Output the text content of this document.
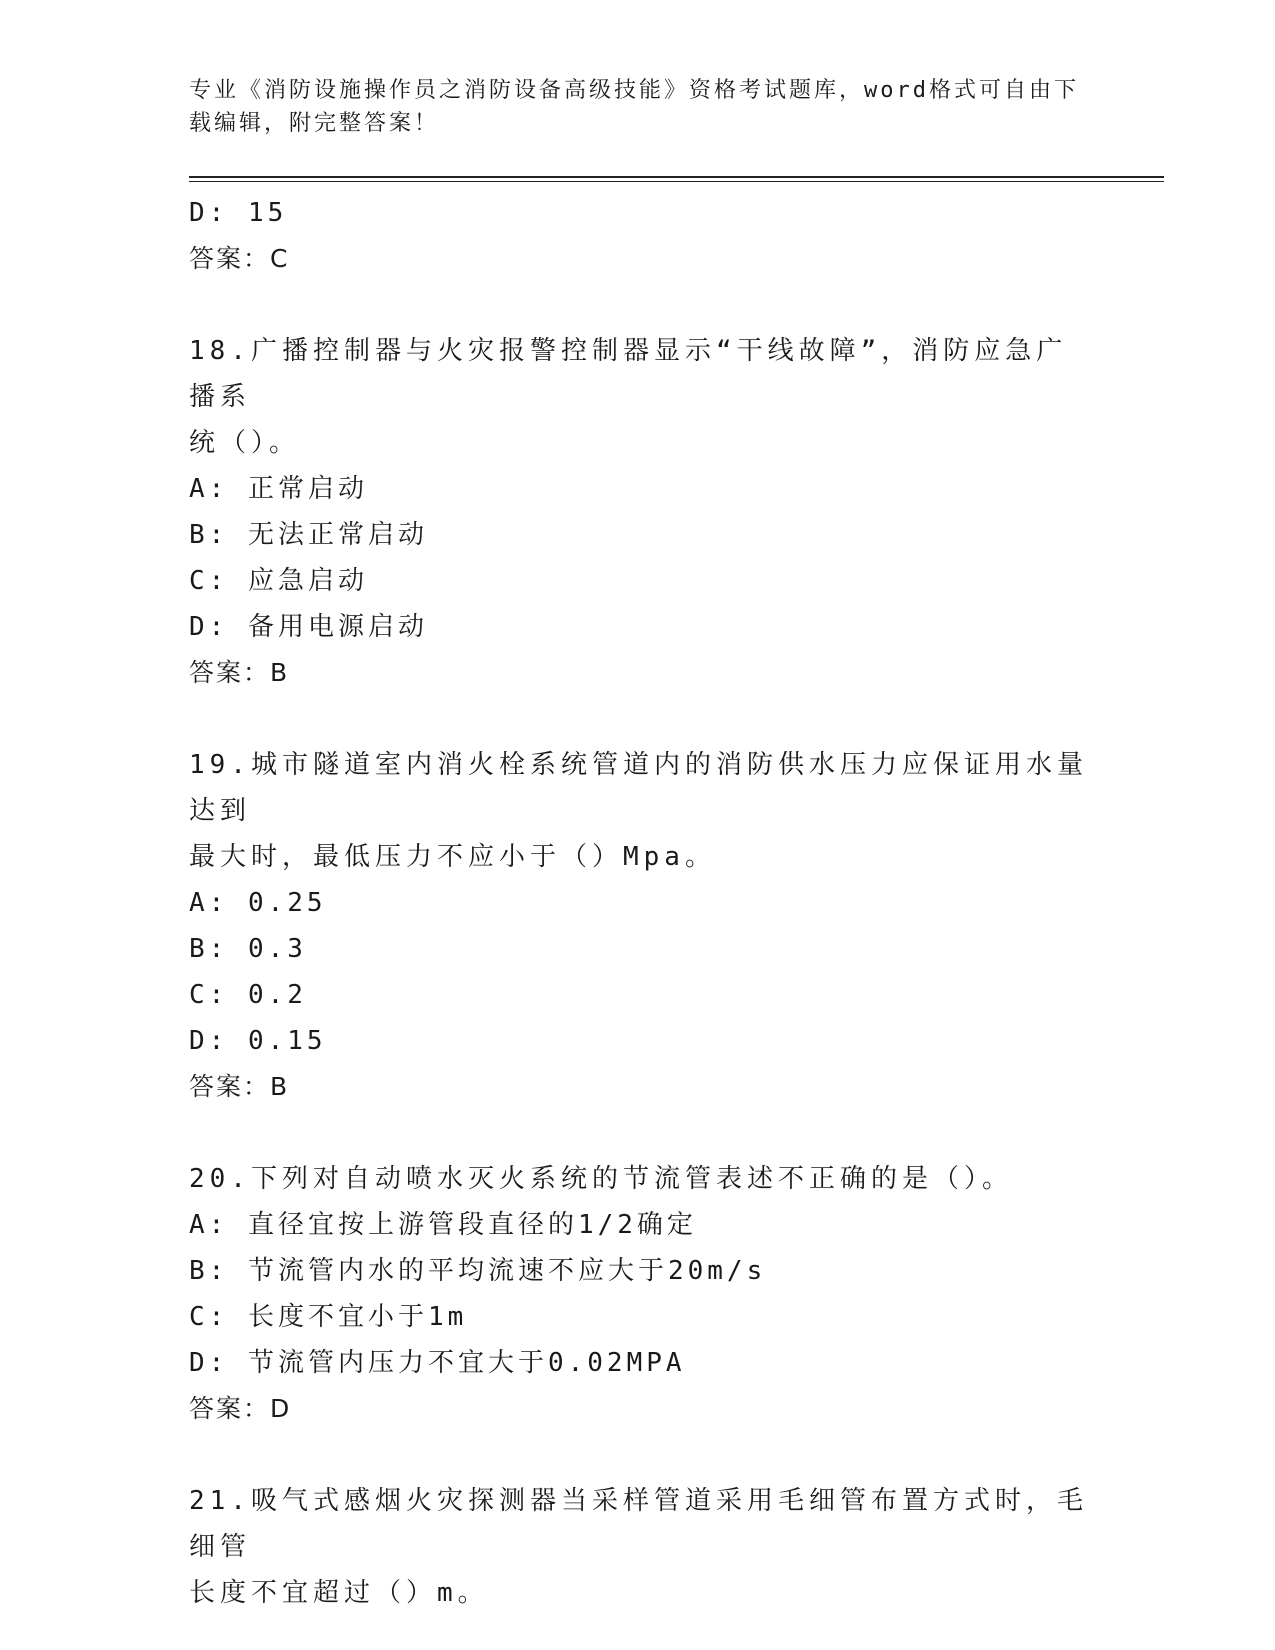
专业《消防设施操作员之消防设备高级技能》资格考试题库，word格式可自由下
载编辑，附完整答案！
D: 15
答案：C
18.广播控制器与火灾报警控制器显示“干线故障”，消防应急广播系
统（）。
A: 正常启动
B: 无法正常启动
C: 应急启动
D: 备用电源启动
答案：B
19.城市隧道室内消火栓系统管道内的消防供水压力应保证用水量达到
最大时，最低压力不应小于（）Mpa。
A: 0.25
B: 0.3
C: 0.2
D: 0.15
答案：B
20.下列对自动喷水灭火系统的节流管表述不正确的是（）。
A: 直径宜按上游管段直径的1/2确定
B: 节流管内水的平均流速不应大于20m/s
C: 长度不宜小于1m
D: 节流管内压力不宜大于0.02MPA
答案：D
21.吸气式感烟火灾探测器当采样管道采用毛细管布置方式时，毛细管
长度不宜超过（）m。
